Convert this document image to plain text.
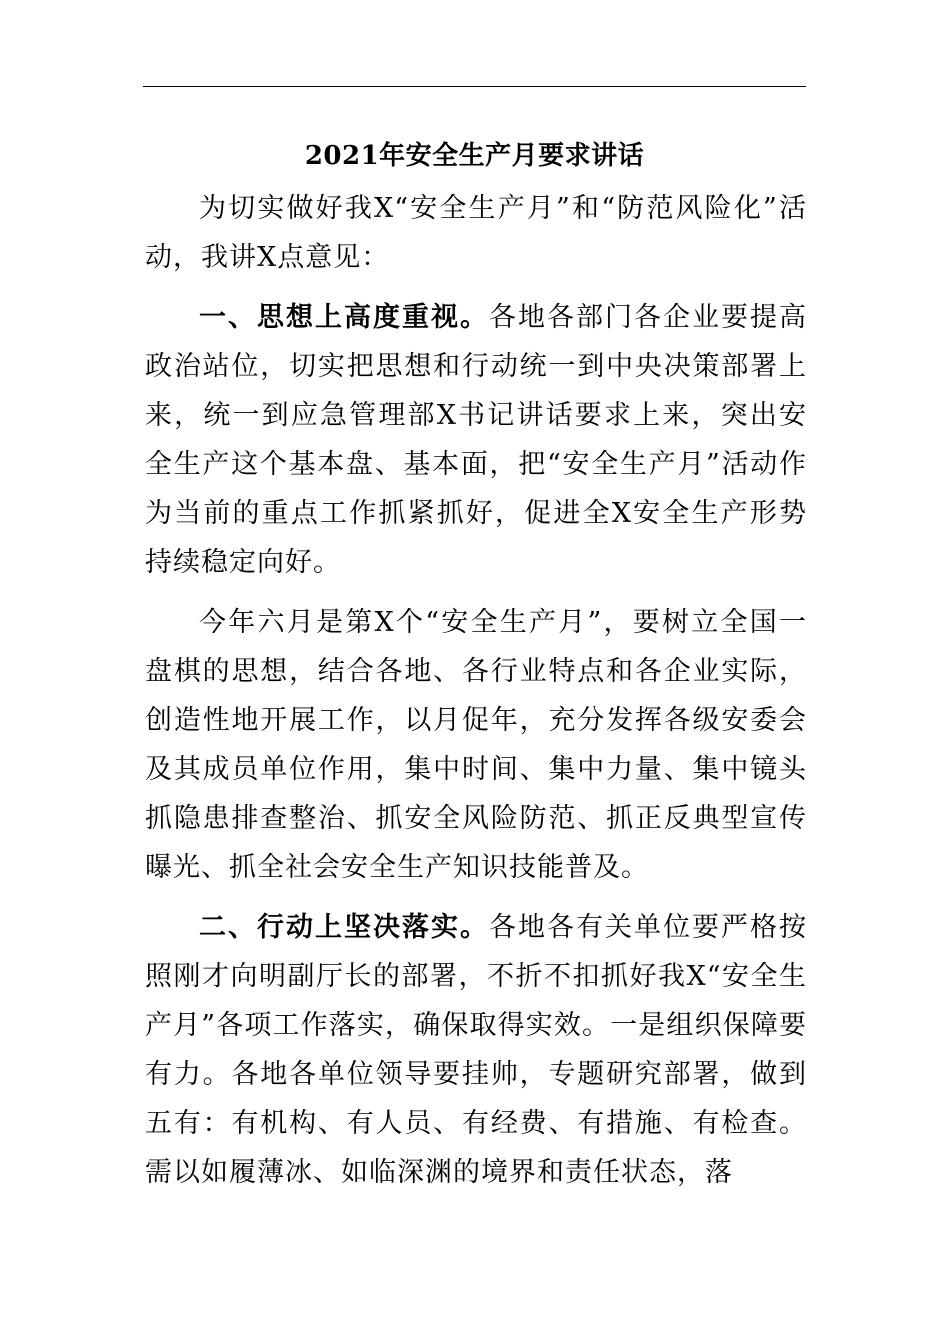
2021年安全生产月要求讲话

为切实做好我X“安全生产月”和“防范风险化”活动，我讲X点意见：

一、思想上高度重视。各地各部门各企业要提高政治站位，切实把思想和行动统一到中央决策部署上来，统一到应急管理部X书记讲话要求上来，突出安全生产这个基本盘、基本面，把“安全生产月”活动作为当前的重点工作抓紧抓好，促进全X安全生产形势持续稳定向好。

今年六月是第X个“安全生产月”，要树立全国一盘棋的思想，结合各地、各行业特点和各企业实际，创造性地开展工作，以月促年，充分发挥各级安委会及其成员单位作用，集中时间、集中力量、集中镜头抓隐患排查整治、抓安全风险防范、抓正反典型宣传曝光、抓全社会安全生产知识技能普及。

二、行动上坚决落实。各地各有关单位要严格按照刚才向明副厅长的部署，不折不扣抓好我X“安全生产月”各项工作落实，确保取得实效。一是组织保障要有力。各地各单位领导要挂帅，专题研究部署，做到五有：有机构、有人员、有经费、有措施、有检查。需以如履薄冰、如临深渊的境界和责任状态，落
